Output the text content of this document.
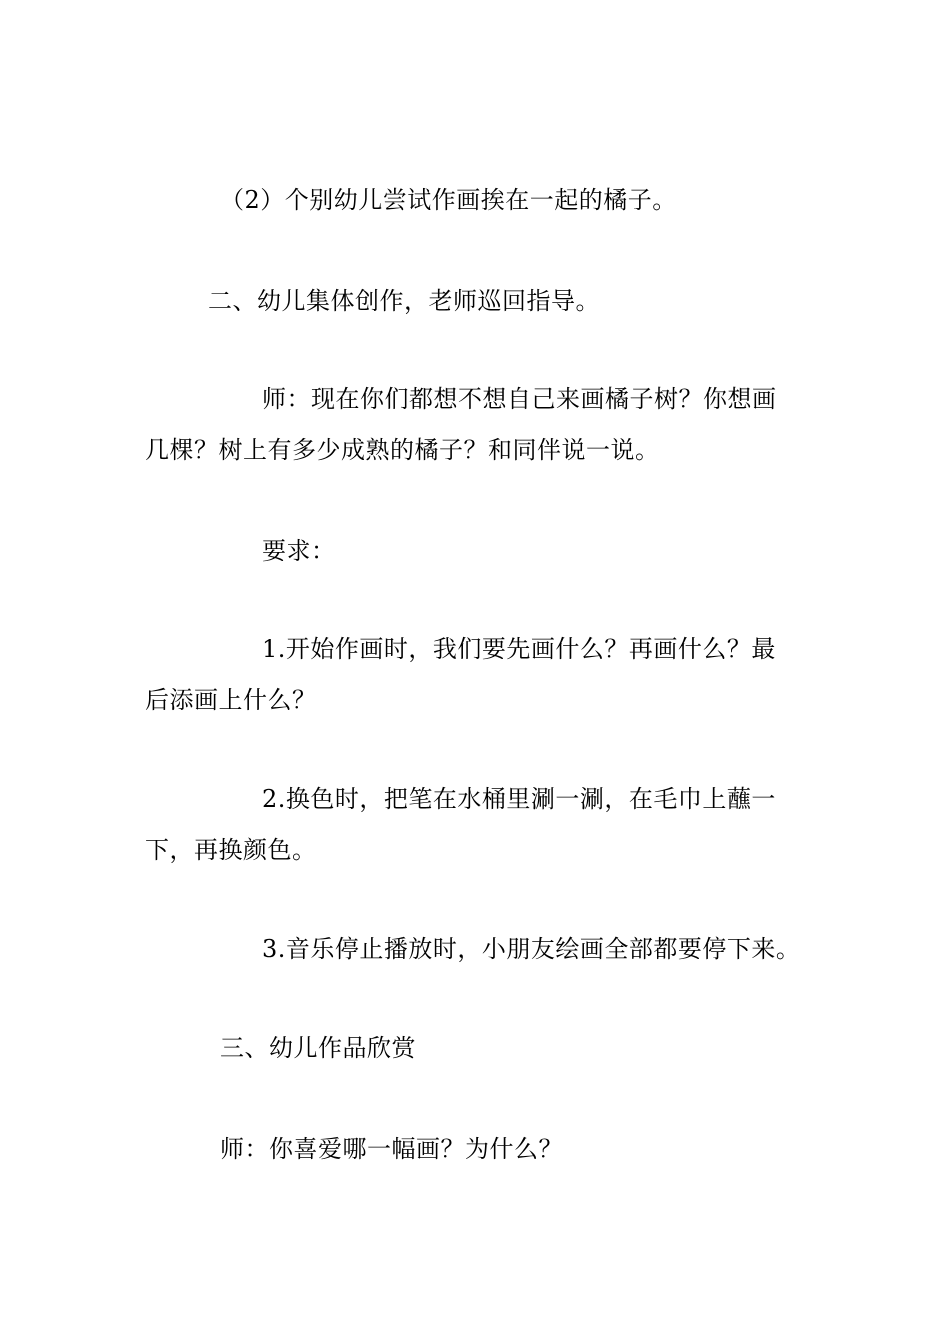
（2）个别幼儿尝试作画挨在一起的橘子。
二、幼儿集体创作，老师巡回指导。
师：现在你们都想不想自己来画橘子树？你想画
几棵？树上有多少成熟的橘子？和同伴说一说。
要求：
1.开始作画时，我们要先画什么？再画什么？最
后添画上什么？
2.换色时，把笔在水桶里涮一涮，在毛巾上蘸一
下，再换颜色。
3.音乐停止播放时，小朋友绘画全部都要停下来。
三、幼儿作品欣赏
师：你喜爱哪一幅画？为什么？
